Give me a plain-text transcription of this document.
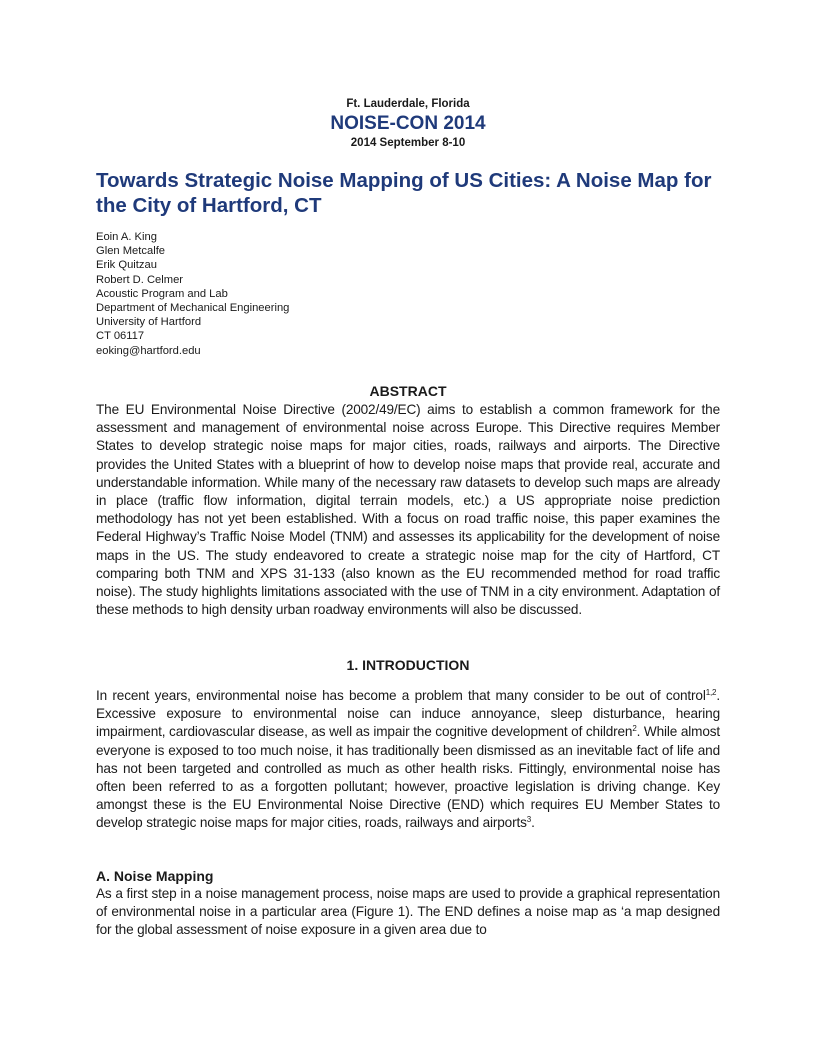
Ft. Lauderdale, Florida
NOISE-CON 2014
2014 September 8-10
Towards Strategic Noise Mapping of US Cities: A Noise Map for the City of Hartford, CT
Eoin A. King
Glen Metcalfe
Erik Quitzau
Robert D. Celmer
Acoustic Program and Lab
Department of Mechanical Engineering
University of Hartford
CT 06117
eoking@hartford.edu
ABSTRACT

The EU Environmental Noise Directive (2002/49/EC) aims to establish a common framework for the assessment and management of environmental noise across Europe. This Directive requires Member States to develop strategic noise maps for major cities, roads, railways and airports. The Directive provides the United States with a blueprint of how to develop noise maps that provide real, accurate and understandable information. While many of the necessary raw datasets to develop such maps are already in place (traffic flow information, digital terrain models, etc.) a US appropriate noise prediction methodology has not yet been established. With a focus on road traffic noise, this paper examines the Federal Highway’s Traffic Noise Model (TNM) and assesses its applicability for the development of noise maps in the US. The study endeavored to create a strategic noise map for the city of Hartford, CT comparing both TNM and XPS 31-133 (also known as the EU recommended method for road traffic noise). The study highlights limitations associated with the use of TNM in a city environment. Adaptation of these methods to high density urban roadway environments will also be discussed.

1. INTRODUCTION

In recent years, environmental noise has become a problem that many consider to be out of control$^{1,2}$. Excessive exposure to environmental noise can induce annoyance, sleep disturbance, hearing impairment, cardiovascular disease, as well as impair the cognitive development of children$^2$. While almost everyone is exposed to too much noise, it has traditionally been dismissed as an inevitable fact of life and has not been targeted and controlled as much as other health risks. Fittingly, environmental noise has often been referred to as a forgotten pollutant; however, proactive legislation is driving change. Key amongst these is the EU Environmental Noise Directive (END) which requires EU Member States to develop strategic noise maps for major cities, roads, railways and airports$^3$.

A. Noise Mapping

As a first step in a noise management process, noise maps are used to provide a graphical representation of environmental noise in a particular area (Figure 1). The END defines a noise map as ‘a map designed for the global assessment of noise exposure in a given area due to
